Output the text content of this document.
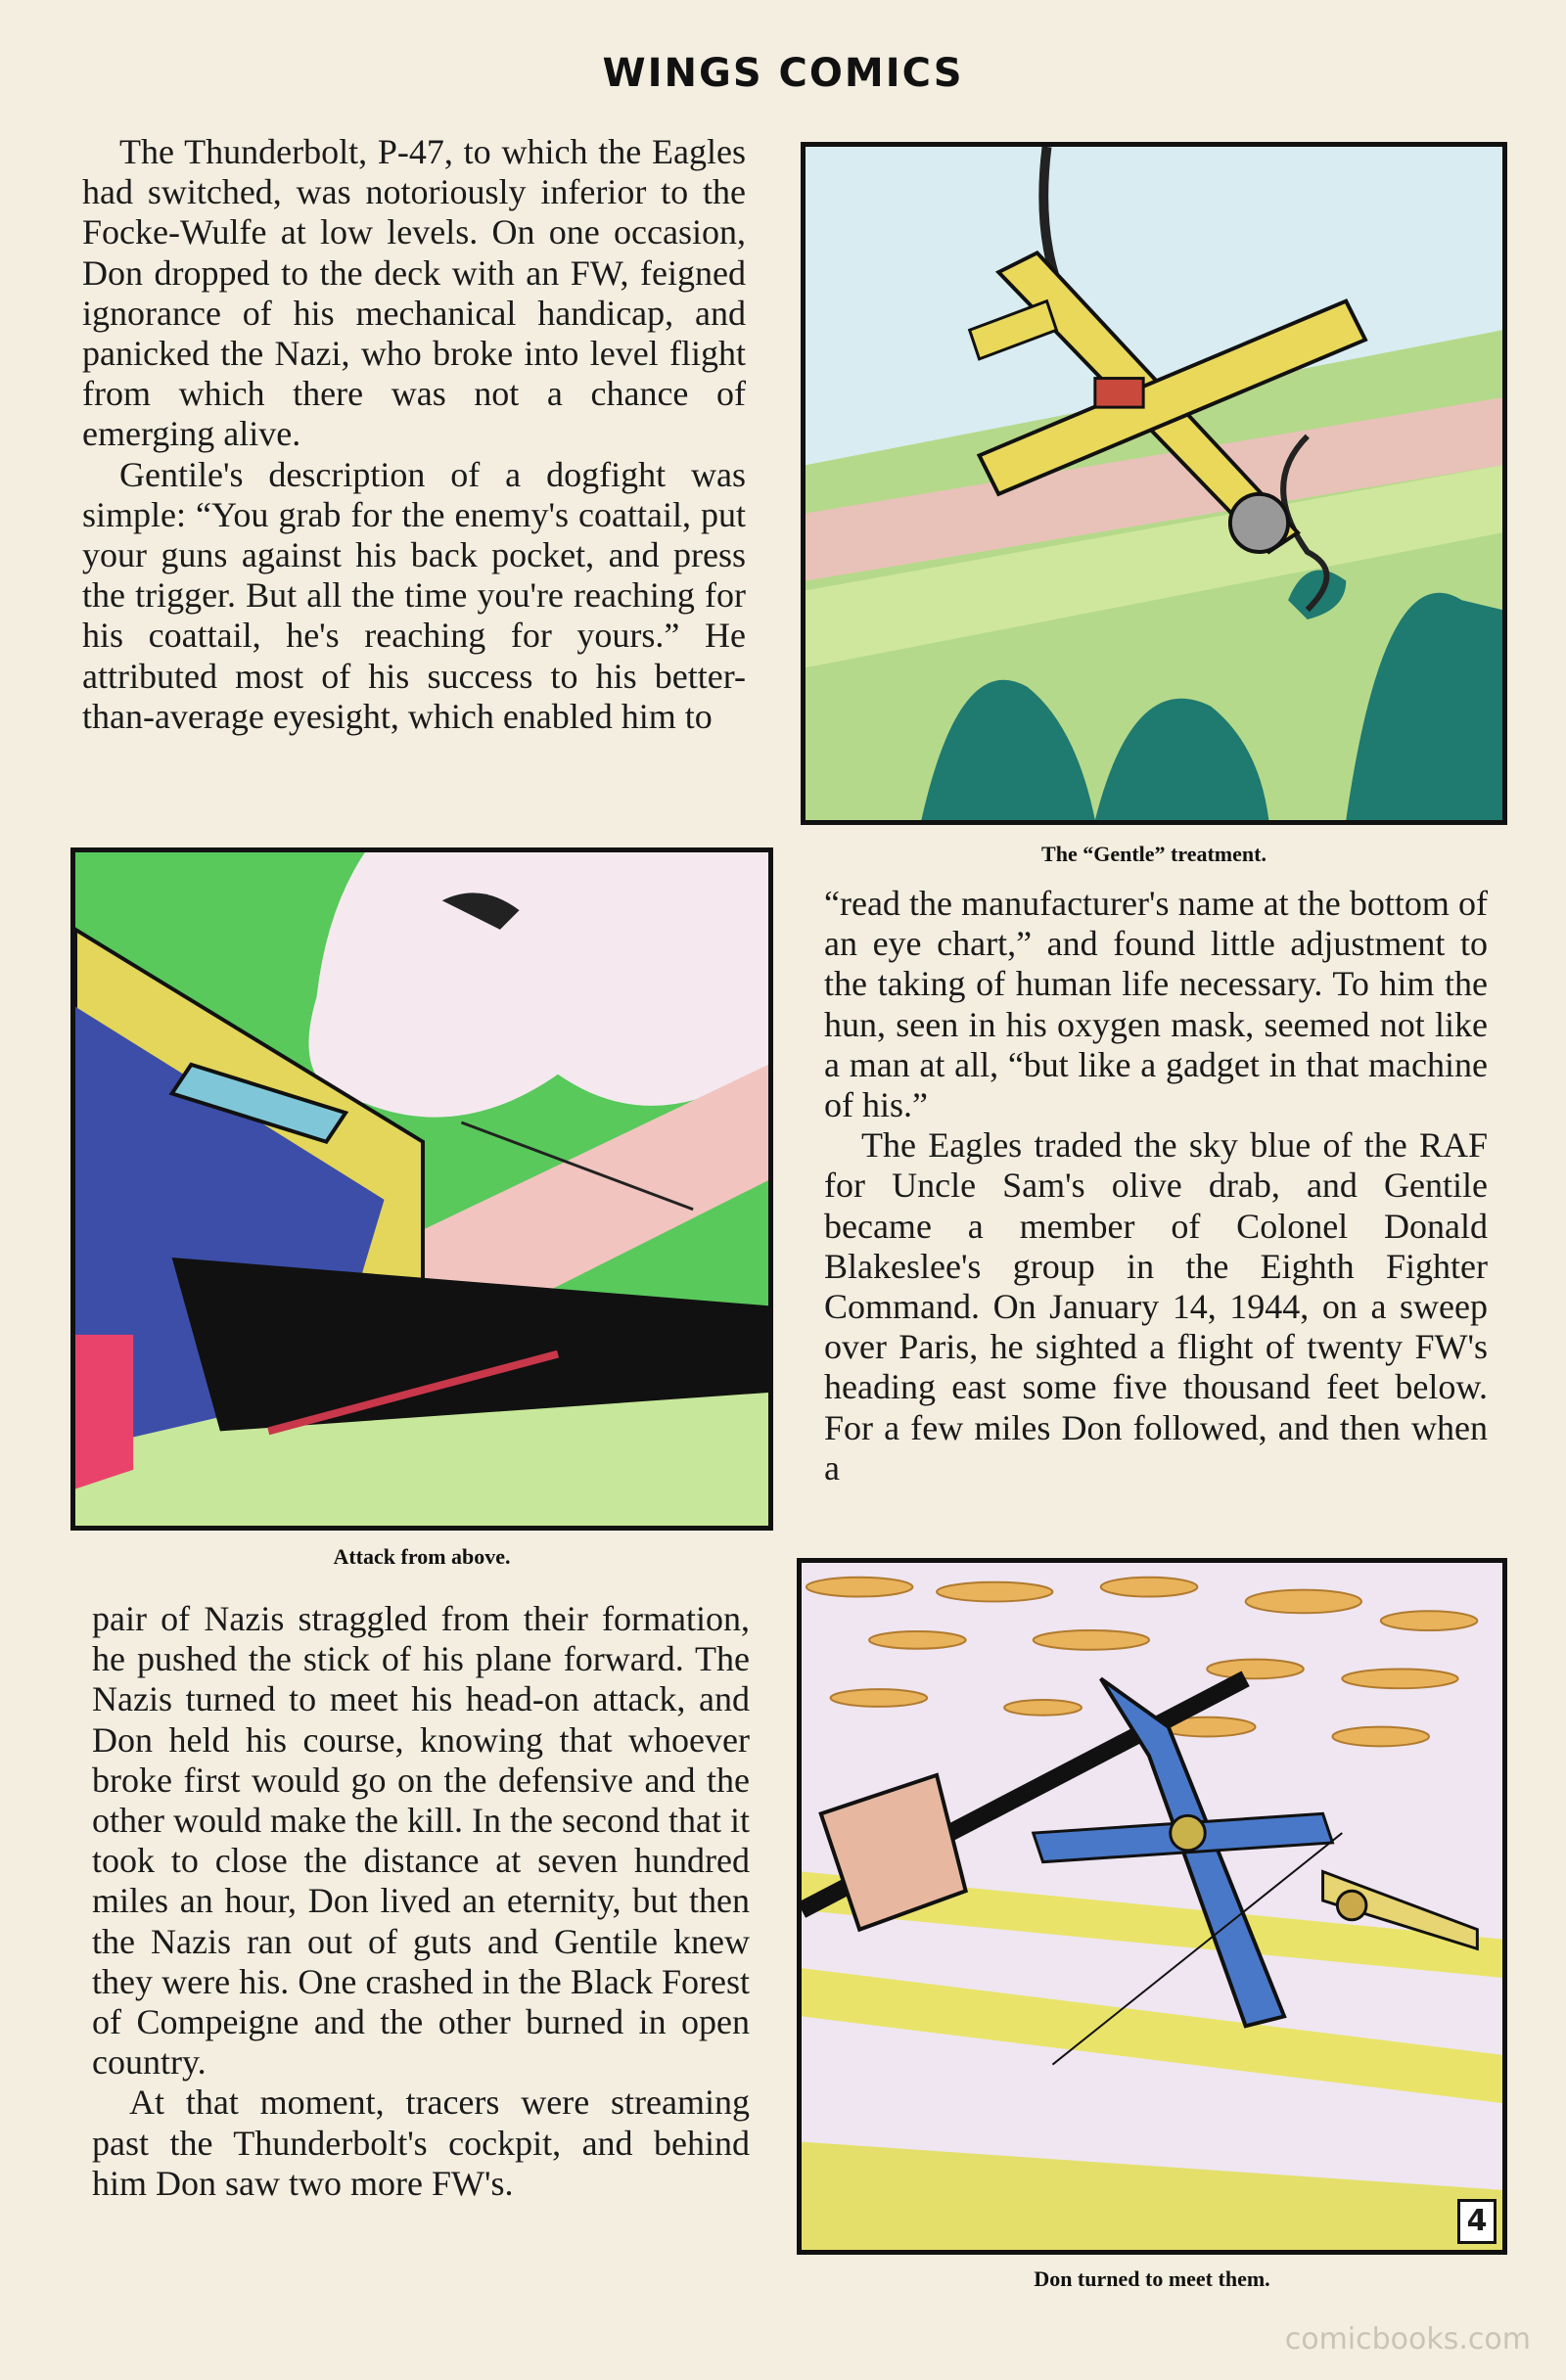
WINGS COMICS

The Thunderbolt, P-47, to which the Eagles had switched, was notoriously inferior to the Focke-Wulfe at low levels. On one occasion, Don dropped to the deck with an FW, feigned ignorance of his mechanical handicap, and panicked the Nazi, who broke into level flight from which there was not a chance of emerging alive.

Gentile's description of a dogfight was simple: “You grab for the enemy's coattail, put your guns against his back pocket, and press the trigger. But all the time you're reaching for his coattail, he's reaching for yours.” He attributed most of his success to his better-than-average eyesight, which enabled him to

The “Gentle” treatment.
Attack from above.

“read the manufacturer's name at the bottom of an eye chart,” and found little adjustment to the taking of human life necessary. To him the hun, seen in his oxygen mask, seemed not like a man at all, “but like a gadget in that machine of his.”

The Eagles traded the sky blue of the RAF for Uncle Sam's olive drab, and Gentile became a member of Colonel Donald Blakeslee's group in the Eighth Fighter Command. On January 14, 1944, on a sweep over Paris, he sighted a flight of twenty FW's heading east some five thousand feet below. For a few miles Don followed, and then when a

pair of Nazis straggled from their formation, he pushed the stick of his plane forward. The Nazis turned to meet his head-on attack, and Don held his course, knowing that whoever broke first would go on the defensive and the other would make the kill. In the second that it took to close the distance at seven hundred miles an hour, Don lived an eternity, but then the Nazis ran out of guts and Gentile knew they were his. One crashed in the Black Forest of Compeigne and the other burned in open country.

At that moment, tracers were streaming past the Thunderbolt's cockpit, and behind him Don saw two more FW's.

4
Don turned to meet them.
comicbooks.com
